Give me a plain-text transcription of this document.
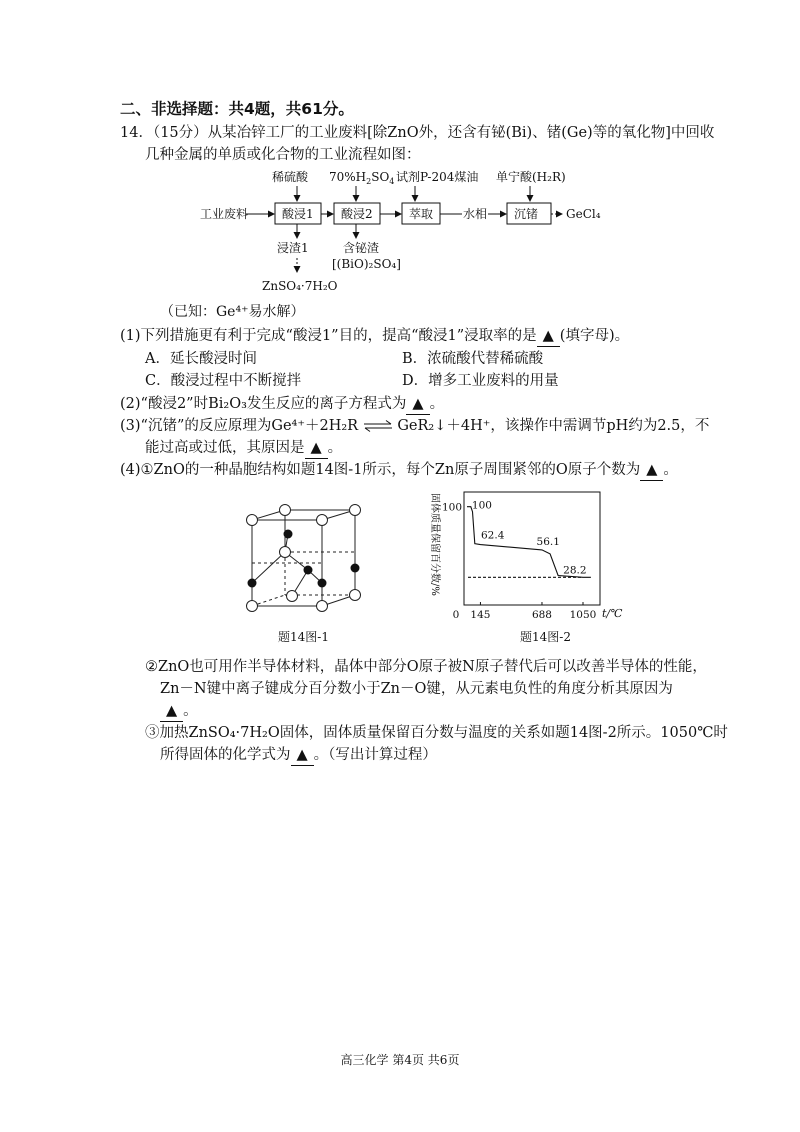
二、非选择题：共4题，共61分。
14．（15分）从某冶锌工厂的工业废料[除ZnO外，还含有铋(Bi)、锗(Ge)等的氧化物]中回收
几种金属的单质或化合物的工业流程如图：
稀硫酸 $70\%H_2SO_4$ 试剂P-204煤油 单宁酸(H₂R)
工业废料	酸浸1 酸浸2	萃取 水相 沉锗 GeCl₄
浸渣1	含铋渣
[(BiO)₂SO₄]
ZnSO₄·7H₂O
（已知：Ge⁴⁺易水解）
(1)下列措施更有利于完成“酸浸1”目的，提高“酸浸1”浸取率的是 ▲ (填字母)。
A．延长酸浸时间	B．浓硫酸代替稀硫酸
C．酸浸过程中不断搅拌	D．增多工业废料的用量
(2)“酸浸2”时Bi₂O₃发生反应的离子方程式为 ▲ 。
(3)“沉锗”的反应原理为Ge⁴⁺＋2H₂R ⇌ GeR₂↓＋4H⁺，该操作中需调节pH约为2.5，不
能过高或过低，其原因是 ▲ 。
(4)①ZnO的一种晶胞结构如题14图-1所示，每个Zn原子周围紧邻的O原子个数为 ▲ 。
题14图-1
固体质量保留百分数/% 100 100
62.4
56.1
28.2
0 145	688 1050 t/℃
题14图-2
②ZnO也可用作半导体材料，晶体中部分O原子被N原子替代后可以改善半导体的性能，
Zn－N键中离子键成分百分数小于Zn－O键，从元素电负性的角度分析其原因为
▲ 。
③加热ZnSO₄·7H₂O固体，固体质量保留百分数与温度的关系如题14图-2所示。1050℃时
所得固体的化学式为 ▲ 。（写出计算过程）
高三化学 第4页 共6页
